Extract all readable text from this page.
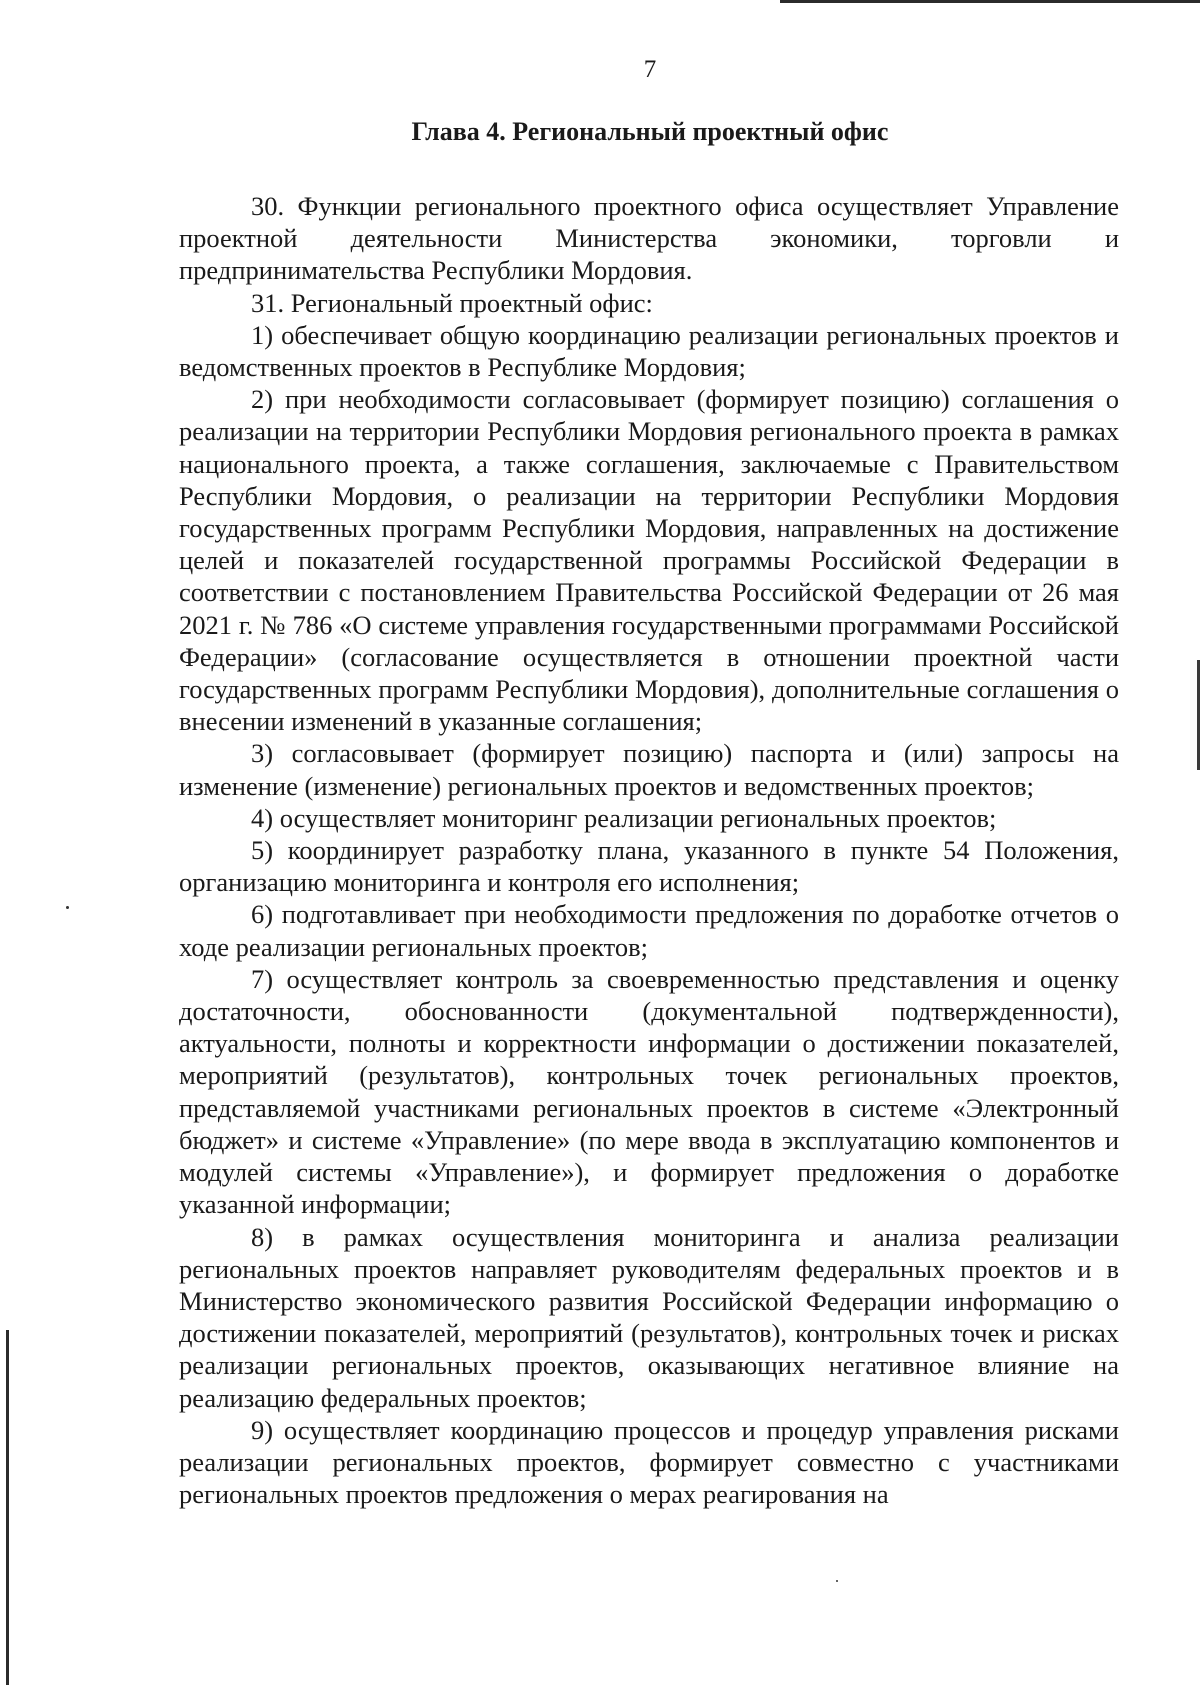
7
Глава 4. Региональный проектный офис

30. Функции регионального проектного офиса осуществляет Управление проектной деятельности Министерства экономики, торговли и предпринимательства Республики Мордовия.

31. Региональный проектный офис:

1) обеспечивает общую координацию реализации региональных проектов и ведомственных проектов в Республике Мордовия;

2) при необходимости согласовывает (формирует позицию) соглашения о реализации на территории Республики Мордовия регионального проекта в рамках национального проекта, а также соглашения, заключаемые с Правительством Республики Мордовия, о реализации на территории Республики Мордовия государственных программ Республики Мордовия, направленных на достижение целей и показателей государственной программы Российской Федерации в соответствии с постановлением Правительства Российской Федерации от 26 мая 2021 г. № 786 «О системе управления государственными программами Российской Федерации» (согласование осуществляется в отношении проектной части государственных программ Республики Мордовия), дополнительные соглашения о внесении изменений в указанные соглашения;

3) согласовывает (формирует позицию) паспорта и (или) запросы на изменение (изменение) региональных проектов и ведомственных проектов;

4) осуществляет мониторинг реализации региональных проектов;

5) координирует разработку плана, указанного в пункте 54 Положения, организацию мониторинга и контроля его исполнения;

6) подготавливает при необходимости предложения по доработке отчетов о ходе реализации региональных проектов;

7) осуществляет контроль за своевременностью представления и оценку достаточности, обоснованности (документальной подтвержденности), актуальности, полноты и корректности информации о достижении показателей, мероприятий (результатов), контрольных точек региональных проектов, представляемой участниками региональных проектов в системе «Электронный бюджет» и системе «Управление» (по мере ввода в эксплуатацию компонентов и модулей системы «Управление»), и формирует предложения о доработке указанной информации;

8) в рамках осуществления мониторинга и анализа реализации региональных проектов направляет руководителям федеральных проектов и в Министерство экономического развития Российской Федерации информацию о достижении показателей, мероприятий (результатов), контрольных точек и рисках реализации региональных проектов, оказывающих негативное влияние на реализацию федеральных проектов;

9) осуществляет координацию процессов и процедур управления рисками реализации региональных проектов, формирует совместно с участниками региональных проектов предложения о мерах реагирования на
